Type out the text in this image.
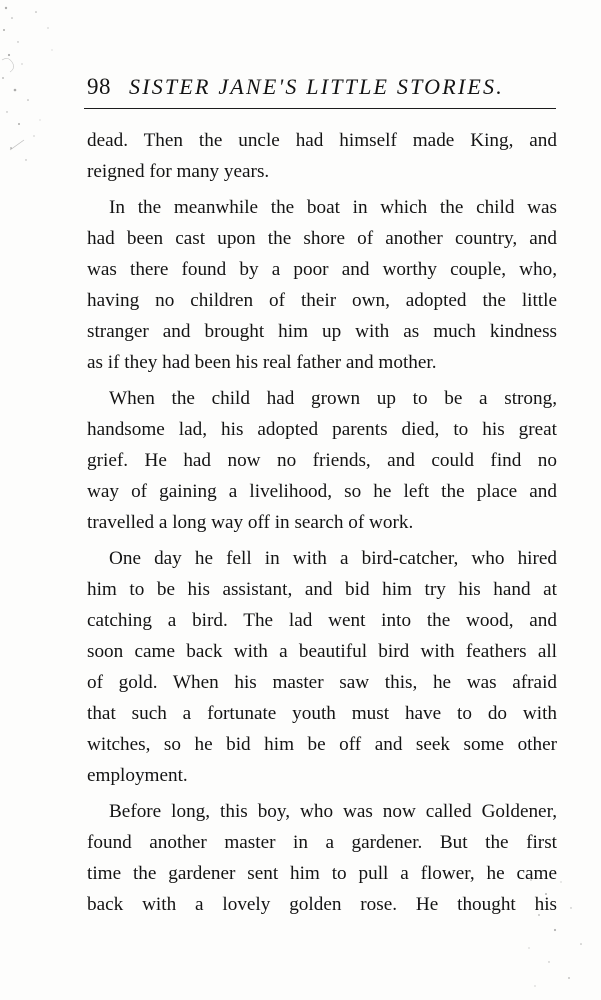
98 SISTER JANE'S LITTLE STORIES.

dead. Then the uncle had himself made King, and
reigned for many years.

In the meanwhile the boat in which the child was
had been cast upon the shore of another country, and
was there found by a poor and worthy couple, who,
having no children of their own, adopted the little
stranger and brought him up with as much kindness
as if they had been his real father and mother.

When the child had grown up to be a strong,
handsome lad, his adopted parents died, to his great
grief. He had now no friends, and could find no
way of gaining a livelihood, so he left the place and
travelled a long way off in search of work.

One day he fell in with a bird-catcher, who hired
him to be his assistant, and bid him try his hand at
catching a bird. The lad went into the wood, and
soon came back with a beautiful bird with feathers all
of gold. When his master saw this, he was afraid
that such a fortunate youth must have to do with
witches, so he bid him be off and seek some other
employment.

Before long, this boy, who was now called Goldener,
found another master in a gardener. But the first
time the gardener sent him to pull a flower, he came
back with a lovely golden rose. He thought his
